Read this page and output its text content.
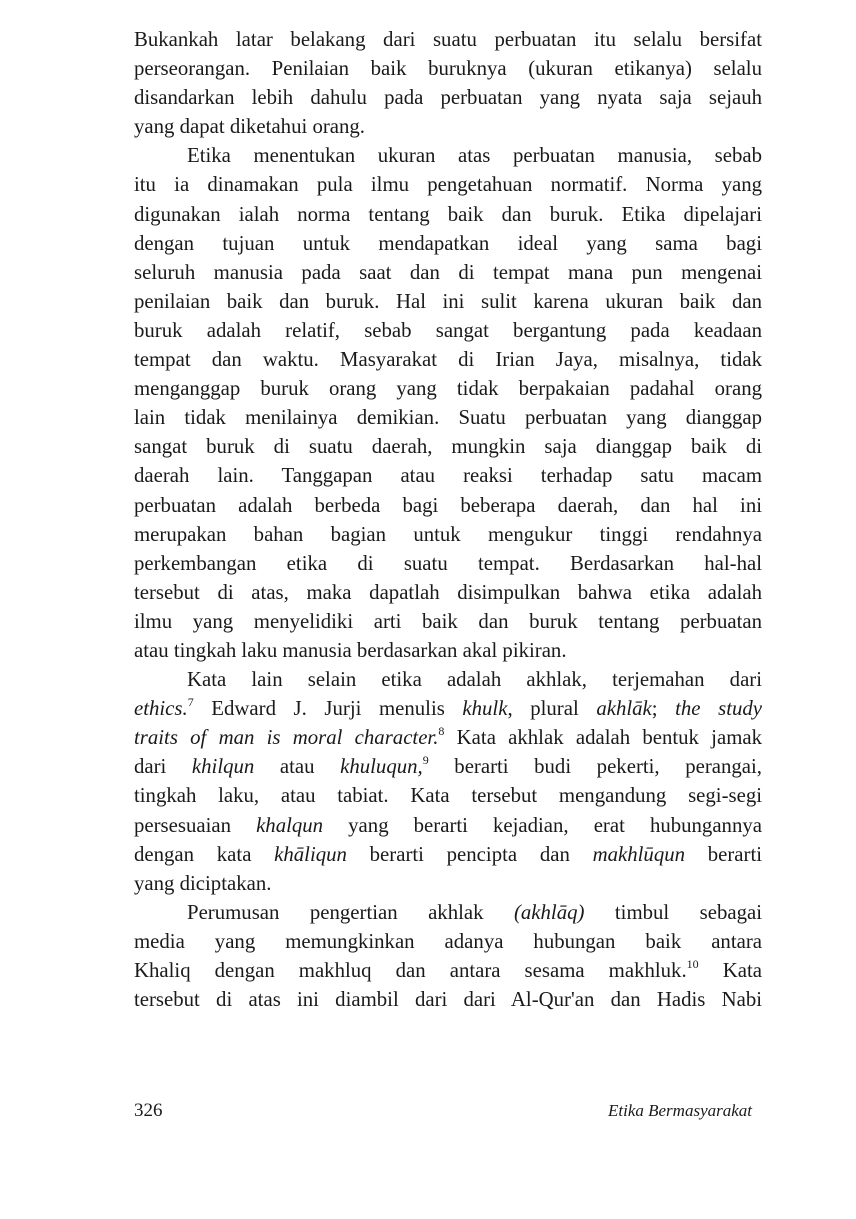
Bukankah latar belakang dari suatu perbuatan itu selalu bersifat
perseorangan. Penilaian baik buruknya (ukuran etikanya) selalu
disandarkan lebih dahulu pada perbuatan yang nyata saja sejauh
yang dapat diketahui orang.
Etika menentukan ukuran atas perbuatan manusia, sebab
itu ia dinamakan pula ilmu pengetahuan normatif. Norma yang
digunakan ialah norma tentang baik dan buruk. Etika dipelajari
dengan tujuan untuk mendapatkan ideal yang sama bagi
seluruh manusia pada saat dan di tempat mana pun mengenai
penilaian baik dan buruk. Hal ini sulit karena ukuran baik dan
buruk adalah relatif, sebab sangat bergantung pada keadaan
tempat dan waktu. Masyarakat di Irian Jaya, misalnya, tidak
menganggap buruk orang yang tidak berpakaian padahal orang
lain tidak menilainya demikian. Suatu perbuatan yang dianggap
sangat buruk di suatu daerah, mungkin saja dianggap baik di
daerah lain. Tanggapan atau reaksi terhadap satu macam
perbuatan adalah berbeda bagi beberapa daerah, dan hal ini
merupakan bahan bagian untuk mengukur tinggi rendahnya
perkembangan etika di suatu tempat. Berdasarkan hal-hal
tersebut di atas, maka dapatlah disimpulkan bahwa etika adalah
ilmu yang menyelidiki arti baik dan buruk tentang perbuatan
atau tingkah laku manusia berdasarkan akal pikiran.
Kata lain selain etika adalah akhlak, terjemahan dari
ethics.$^7$ Edward J. Jurji menulis khulk, plural akhlāk; the study
traits of man is moral character.$^8$ Kata akhlak adalah bentuk jamak
dari khilqun atau khuluqun,$^9$ berarti budi pekerti, perangai,
tingkah laku, atau tabiat. Kata tersebut mengandung segi-segi
persesuaian khalqun yang berarti kejadian, erat hubungannya
dengan kata khāliqun berarti pencipta dan makhlūqun berarti
yang diciptakan.
Perumusan pengertian akhlak (akhlāq) timbul sebagai
media yang memungkinkan adanya hubungan baik antara
Khaliq dengan makhluq dan antara sesama makhluk.$^{10}$ Kata
tersebut di atas ini diambil dari dari Al-Qur'an dan Hadis Nabi
326	Etika Bermasyarakat
